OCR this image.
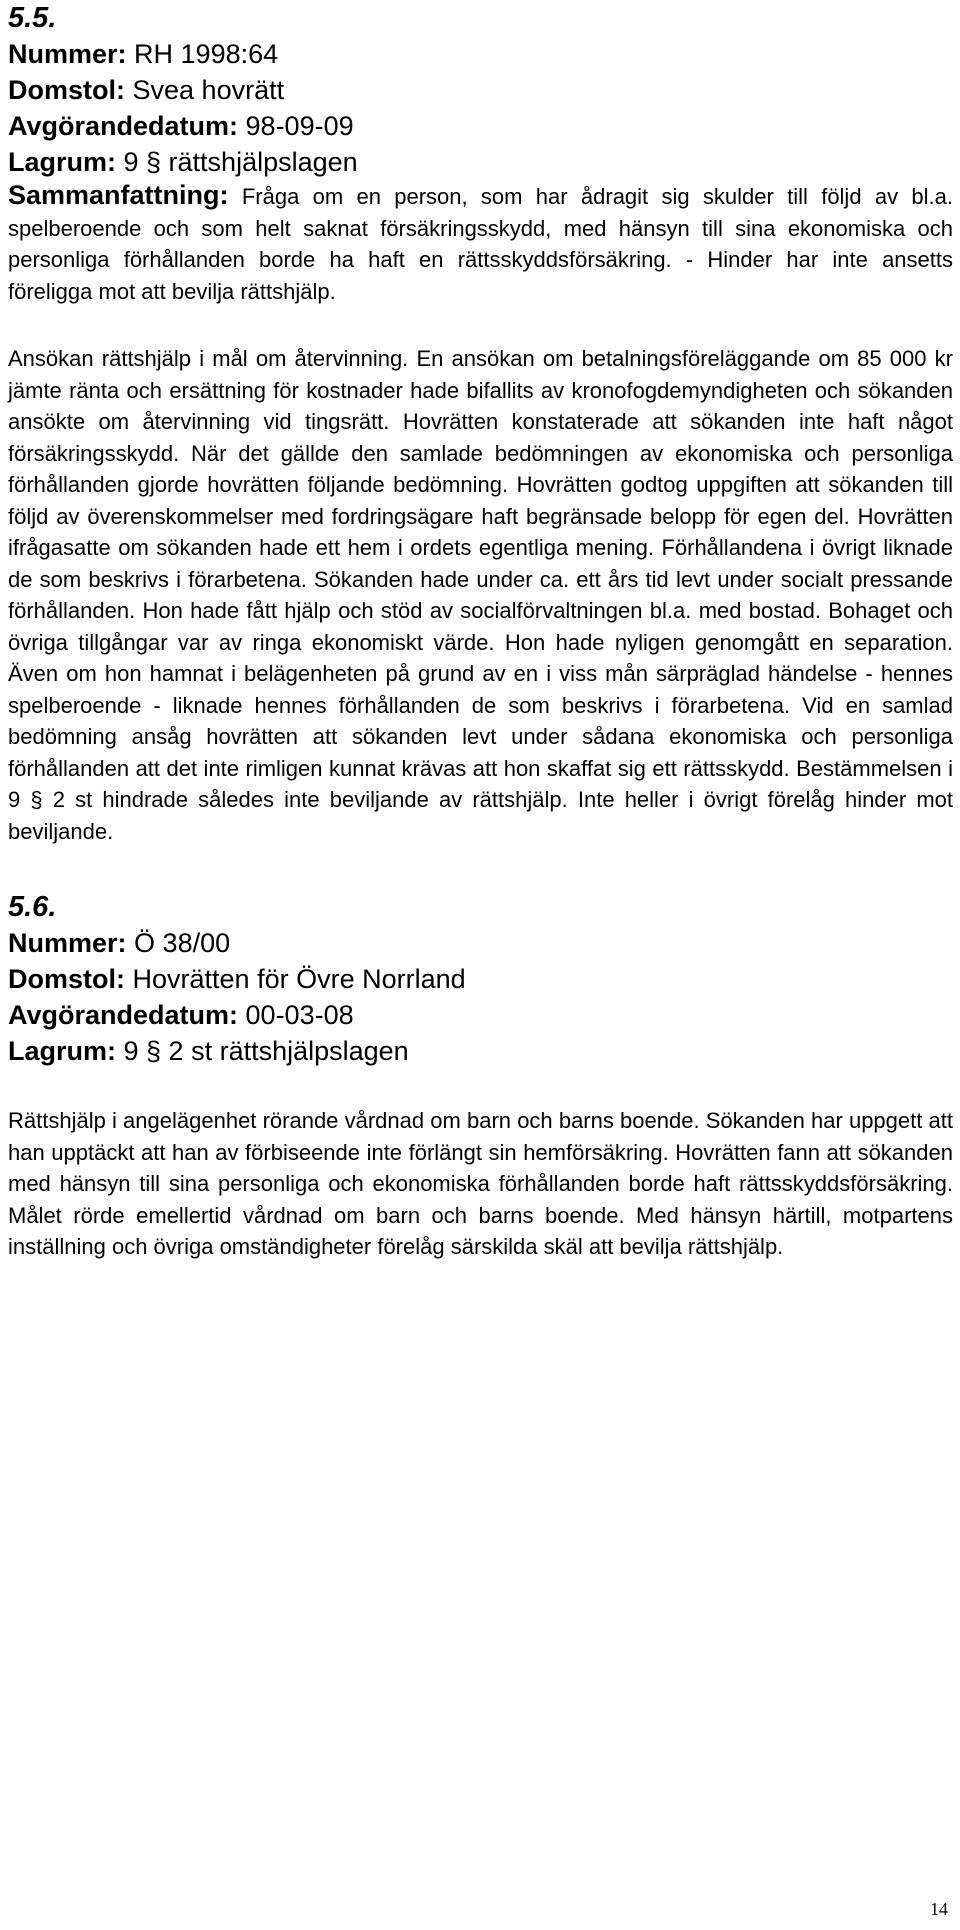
5.5.

Nummer: RH 1998:64

Domstol: Svea hovrätt

Avgörandedatum: 98-09-09

Lagrum: 9 § rättshjälpslagen

Sammanfattning: Fråga om en person, som har ådragit sig skulder till följd av bl.a. spelberoende och som helt saknat försäkringsskydd, med hänsyn till sina ekonomiska och personliga förhållanden borde ha haft en rättsskyddsförsäkring. - Hinder har inte ansetts föreligga mot att bevilja rättshjälp.

Ansökan rättshjälp i mål om återvinning. En ansökan om betalningsföreläggande om 85 000 kr jämte ränta och ersättning för kostnader hade bifallits av kronofogdemyndigheten och sökanden ansökte om återvinning vid tingsrätt. Hovrätten konstaterade att sökanden inte haft något försäkringsskydd. När det gällde den samlade bedömningen av ekonomiska och personliga förhållanden gjorde hovrätten följande bedömning. Hovrätten godtog uppgiften att sökanden till följd av överenskommelser med fordringsägare haft begränsade belopp för egen del. Hovrätten ifrågasatte om sökanden hade ett hem i ordets egentliga mening. Förhållandena i övrigt liknade de som beskrivs i förarbetena. Sökanden hade under ca. ett års tid levt under socialt pressande förhållanden. Hon hade fått hjälp och stöd av socialförvaltningen bl.a. med bostad. Bohaget och övriga tillgångar var av ringa ekonomiskt värde. Hon hade nyligen genomgått en separation. Även om hon hamnat i belägenheten på grund av en i viss mån särpräglad händelse - hennes spelberoende - liknade hennes förhållanden de som beskrivs i förarbetena. Vid en samlad bedömning ansåg hovrätten att sökanden levt under sådana ekonomiska och personliga förhållanden att det inte rimligen kunnat krävas att hon skaffat sig ett rättsskydd. Bestämmelsen i 9 § 2 st hindrade således inte beviljande av rättshjälp. Inte heller i övrigt förelåg hinder mot beviljande.

5.6.

Nummer: Ö 38/00

Domstol: Hovrätten för Övre Norrland

Avgörandedatum: 00-03-08

Lagrum: 9 § 2 st rättshjälpslagen

Rättshjälp i angelägenhet rörande vårdnad om barn och barns boende. Sökanden har uppgett att han upptäckt att han av förbiseende inte förlängt sin hemförsäkring. Hovrätten fann att sökanden med hänsyn till sina personliga och ekonomiska förhållanden borde haft rättsskyddsförsäkring. Målet rörde emellertid vårdnad om barn och barns boende. Med hänsyn härtill, motpartens inställning och övriga omständigheter förelåg särskilda skäl att bevilja rättshjälp.

14
